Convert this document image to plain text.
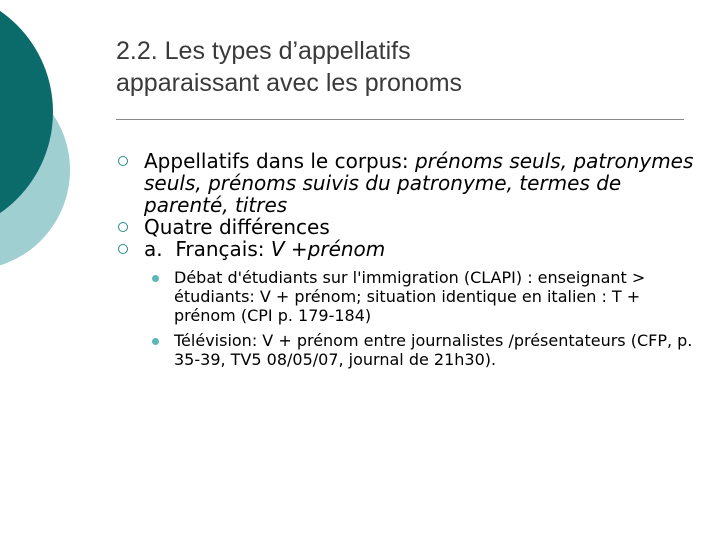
2.2. Les types d’appellatifs
apparaissant avec les pronoms
Appellatifs dans le corpus: prénoms seuls, patronymes seuls, prénoms suivis du patronyme, termes de parenté, titres
Quatre différences
a.  Français: V +prénom
Débat d'étudiants sur l'immigration (CLAPI) : enseignant > étudiants: V + prénom; situation identique en italien : T + prénom (CPI p. 179-184)
Télévision: V + prénom entre journalistes /présentateurs (CFP, p. 35-39, TV5 08/05/07, journal de 21h30).
